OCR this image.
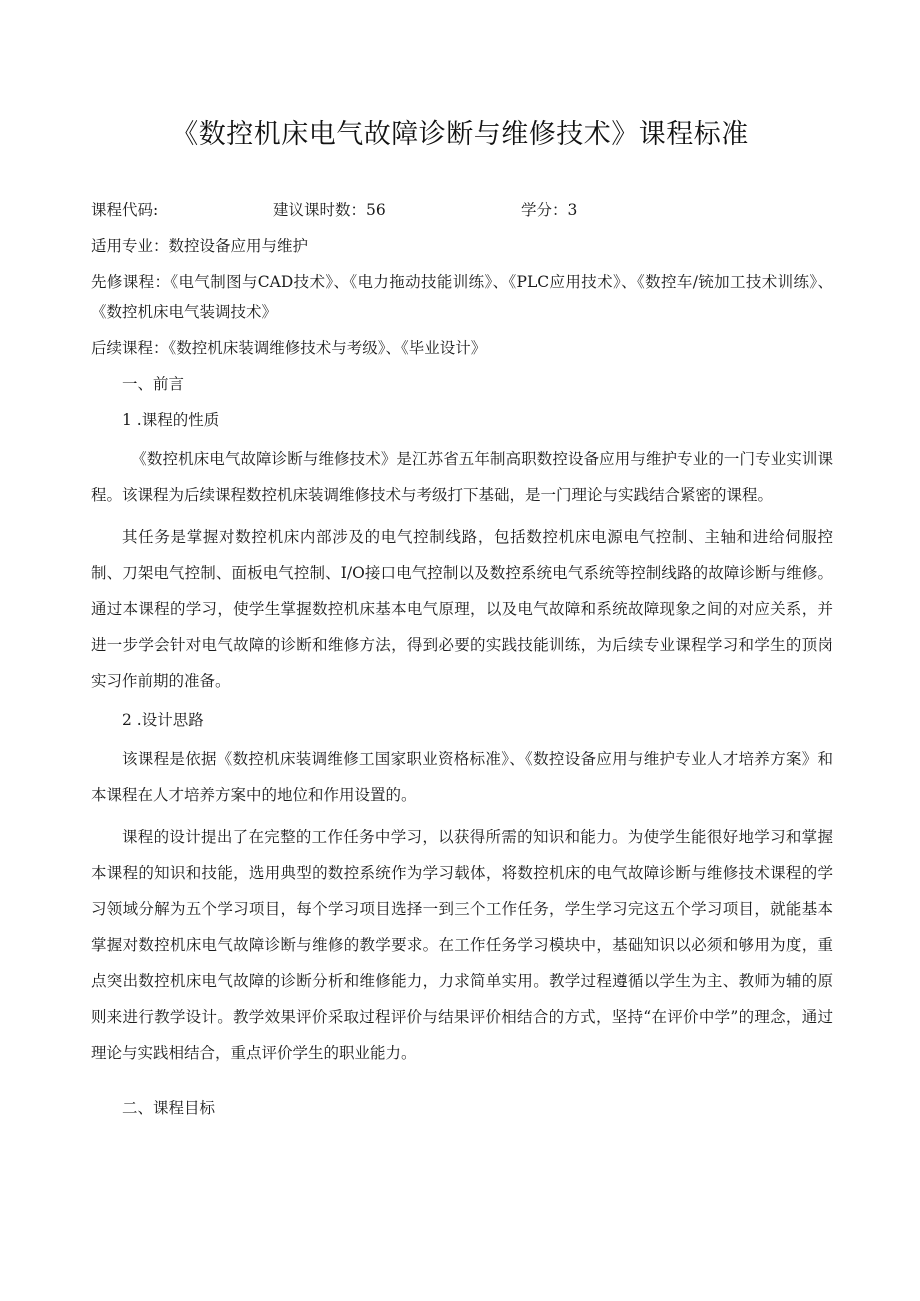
《数控机床电气故障诊断与维修技术》课程标准
课程代码:	建议课时数：56	学分：3

适用专业：数控设备应用与维护

先修课程：《电气制图与CAD技术》、《电力拖动技能训练》、《PLC应用技术》、《数控车/铳加工技术训练》、《数控机床电气装调技术》

后续课程：《数控机床装调维修技术与考级》、《毕业设计》

一、前言

1 .课程的性质

《数控机床电气故障诊断与维修技术》是江苏省五年制高职数控设备应用与维护专业的一门专业实训课程。该课程为后续课程数控机床装调维修技术与考级打下基础，是一门理论与实践结合紧密的课程。

其任务是掌握对数控机床内部涉及的电气控制线路，包括数控机床电源电气控制、主轴和进给伺服控制、刀架电气控制、面板电气控制、I/O接口电气控制以及数控系统电气系统等控制线路的故障诊断与维修。通过本课程的学习，使学生掌握数控机床基本电气原理，以及电气故障和系统故障现象之间的对应关系，并进一步学会针对电气故障的诊断和维修方法，得到必要的实践技能训练，为后续专业课程学习和学生的顶岗实习作前期的准备。

2 .设计思路

该课程是依据《数控机床装调维修工国家职业资格标准》、《数控设备应用与维护专业人才培养方案》和本课程在人才培养方案中的地位和作用设置的。

课程的设计提出了在完整的工作任务中学习，以获得所需的知识和能力。为使学生能很好地学习和掌握本课程的知识和技能，选用典型的数控系统作为学习载体，将数控机床的电气故障诊断与维修技术课程的学习领域分解为五个学习项目，每个学习项目选择一到三个工作任务，学生学习完这五个学习项目，就能基本掌握对数控机床电气故障诊断与维修的教学要求。在工作任务学习模块中，基础知识以必须和够用为度，重点突出数控机床电气故障的诊断分析和维修能力，力求简单实用。教学过程遵循以学生为主、教师为辅的原则来进行教学设计。教学效果评价采取过程评价与结果评价相结合的方式，坚持“在评价中学”的理念，通过理论与实践相结合，重点评价学生的职业能力。

二、课程目标
